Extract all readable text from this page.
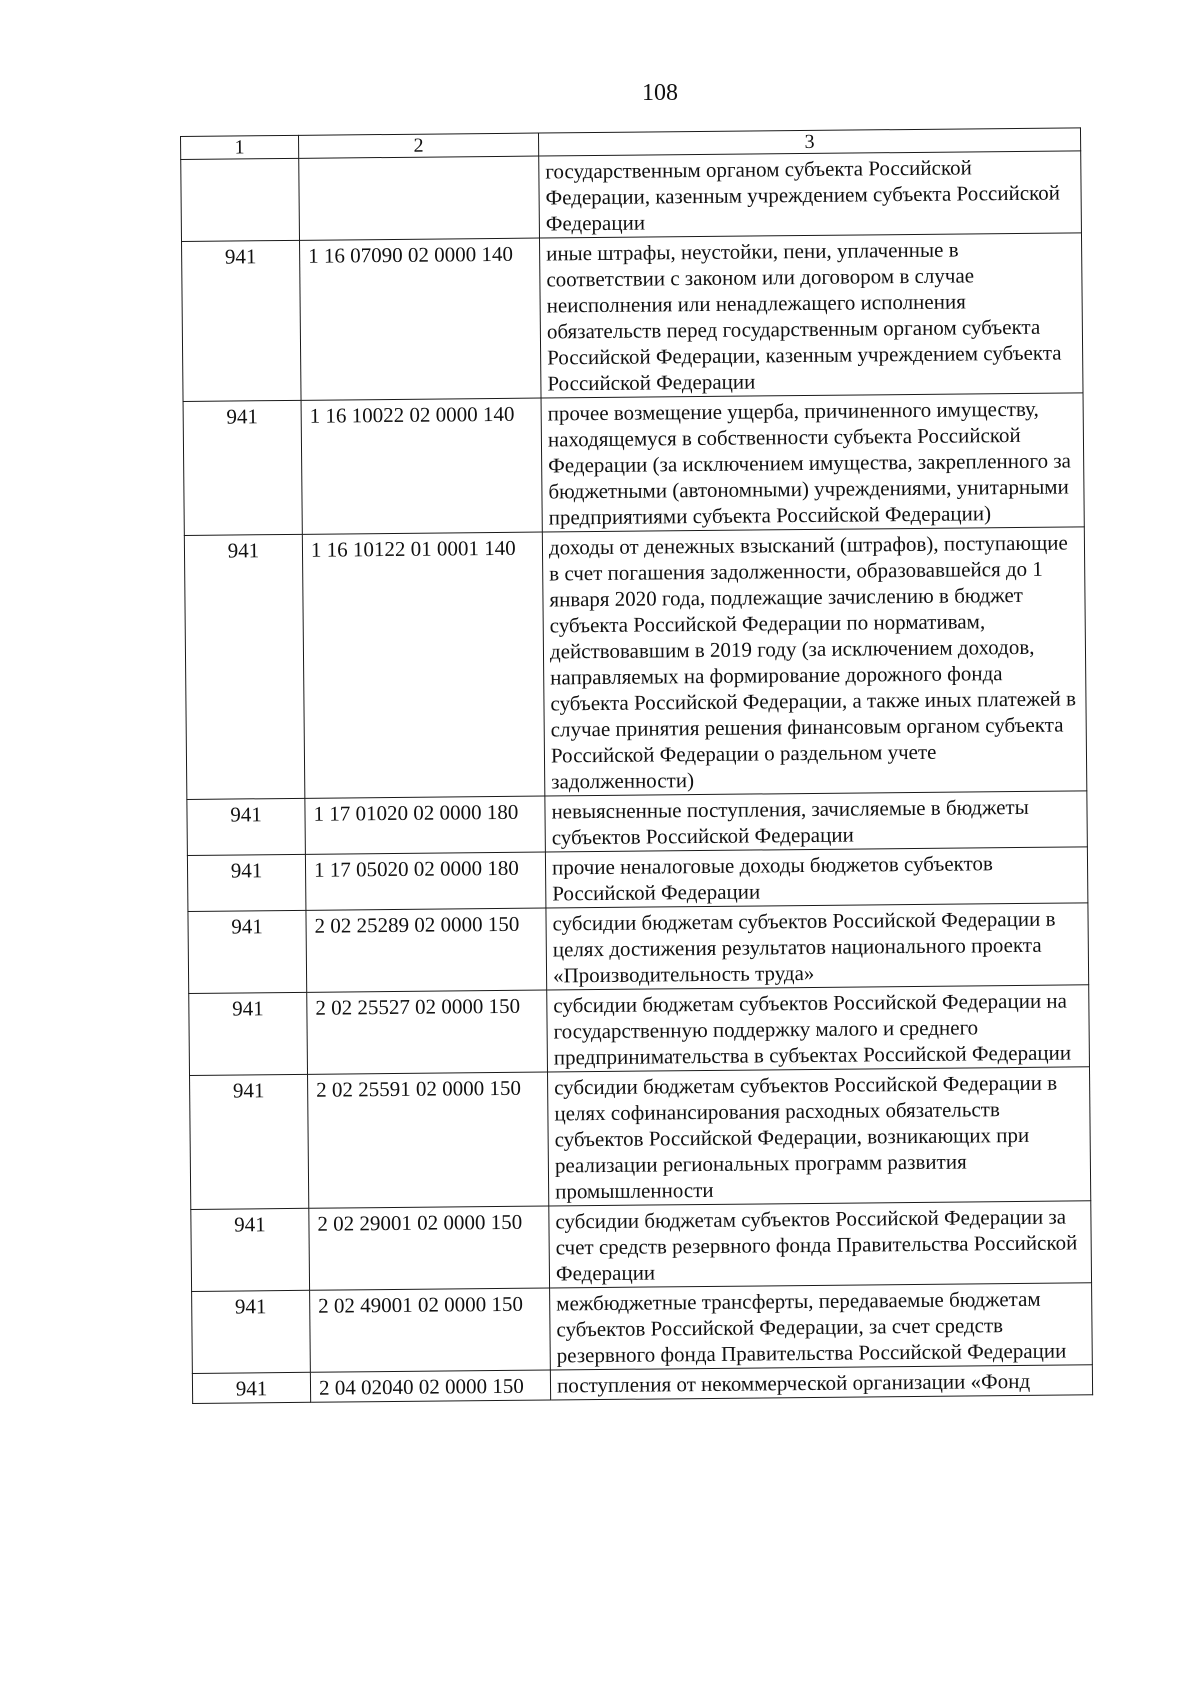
108
1	2	3
		государственным органом субъекта Российской Федерации, казенным учреждением субъекта Российской Федерации
941	1 16 07090 02 0000 140	иные штрафы, неустойки, пени, уплаченные в соответствии с законом или договором в случае неисполнения или ненадлежащего исполнения обязательств перед государственным органом субъекта Российской Федерации, казенным учреждением субъекта Российской Федерации
941	1 16 10022 02 0000 140	прочее возмещение ущерба, причиненного имуществу, находящемуся в собственности субъекта Российской Федерации (за исключением имущества, закрепленного за бюджетными (автономными) учреждениями, унитарными предприятиями субъекта Российской Федерации)
941	1 16 10122 01 0001 140	доходы от денежных взысканий (штрафов), поступающие в счет погашения задолженности, образовавшейся до 1 января 2020 года, подлежащие зачислению в бюджет субъекта Российской Федерации по нормативам, действовавшим в 2019 году (за исключением доходов, направляемых на формирование дорожного фонда субъекта Российской Федерации, а также иных платежей в случае принятия решения финансовым органом субъекта Российской Федерации о раздельном учете задолженности)
941	1 17 01020 02 0000 180	невыясненные поступления, зачисляемые в бюджеты субъектов Российской Федерации
941	1 17 05020 02 0000 180	прочие неналоговые доходы бюджетов субъектов Российской Федерации
941	2 02 25289 02 0000 150	субсидии бюджетам субъектов Российской Федерации в целях достижения результатов национального проекта «Производительность труда»
941	2 02 25527 02 0000 150	субсидии бюджетам субъектов Российской Федерации на государственную поддержку малого и среднего предпринимательства в субъектах Российской Федерации
941	2 02 25591 02 0000 150	субсидии бюджетам субъектов Российской Федерации в целях софинансирования расходных обязательств субъектов Российской Федерации, возникающих при реализации региональных программ развития промышленности
941	2 02 29001 02 0000 150	субсидии бюджетам субъектов Российской Федерации за счет средств резервного фонда Правительства Российской Федерации
941	2 02 49001 02 0000 150	межбюджетные трансферты, передаваемые бюджетам субъектов Российской Федерации, за счет средств резервного фонда Правительства Российской Федерации
941	2 04 02040 02 0000 150	поступления от некоммерческой организации «Фонд
